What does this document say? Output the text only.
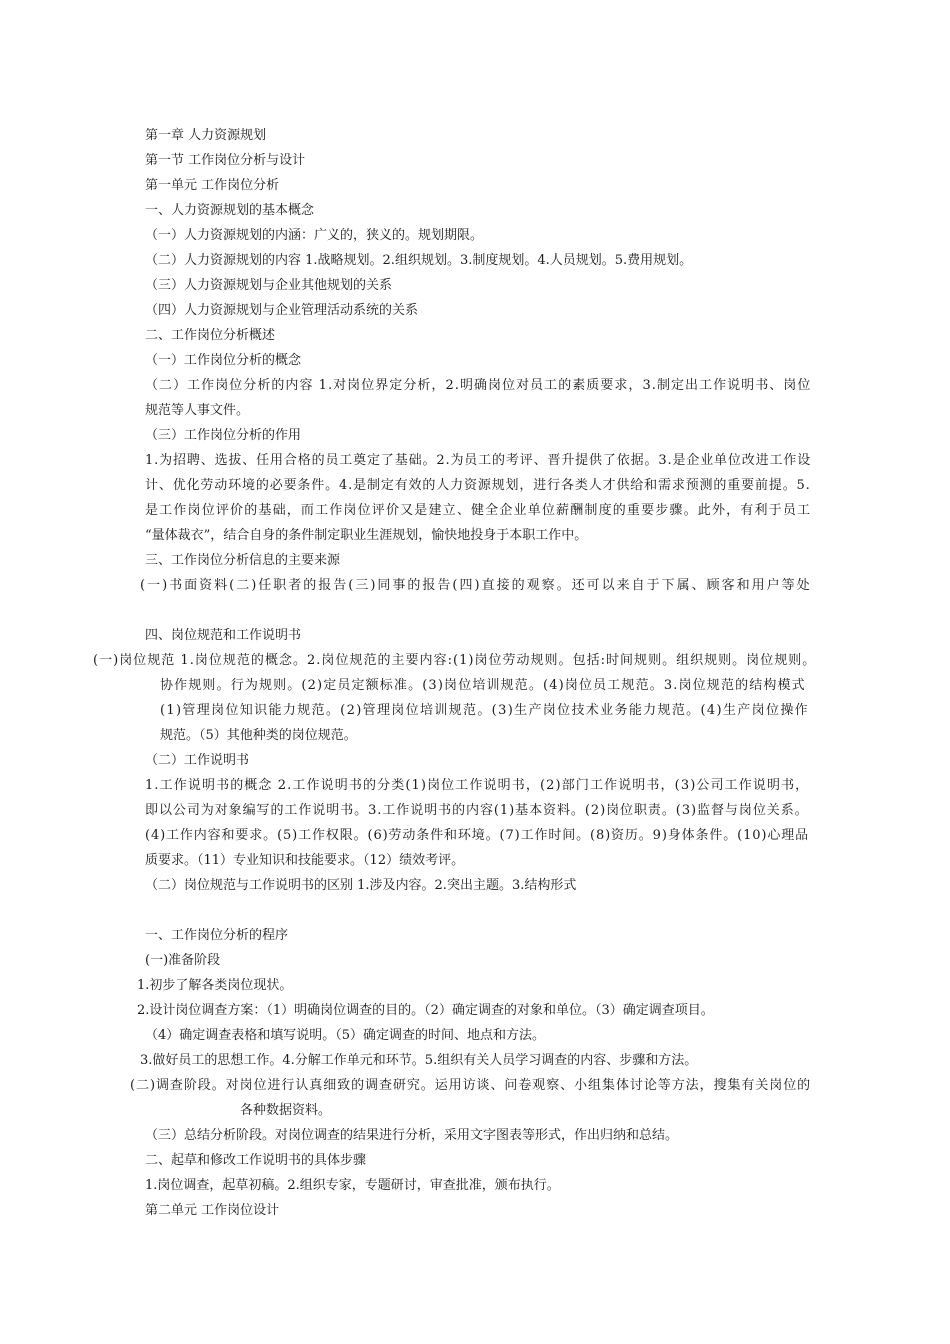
第一章 人力资源规划

第一节 工作岗位分析与设计

第一单元 工作岗位分析

一、人力资源规划的基本概念

（一）人力资源规划的内涵：广义的，狭义的。规划期限。

（二）人力资源规划的内容 1.战略规划。2.组织规划。3.制度规划。4.人员规划。5.费用规划。

（三）人力资源规划与企业其他规划的关系

（四）人力资源规划与企业管理活动系统的关系

二、工作岗位分析概述

（一）工作岗位分析的概念

（二）工作岗位分析的内容 1.对岗位界定分析，2.明确岗位对员工的素质要求，3.制定出工作说明书、岗位

规范等人事文件。

（三）工作岗位分析的作用

1.为招聘、选拔、任用合格的员工奠定了基础。2.为员工的考评、晋升提供了依据。3.是企业单位改进工作设

计、优化劳动环境的必要条件。4.是制定有效的人力资源规划，进行各类人才供给和需求预测的重要前提。5.

是工作岗位评价的基础，而工作岗位评价又是建立、健全企业单位薪酬制度的重要步骤。此外，有利于员工

“量体裁衣”，结合自身的条件制定职业生涯规划，愉快地投身于本职工作中。

三、工作岗位分析信息的主要来源

(一)书面资料(二)任职者的报告(三)同事的报告(四)直接的观察。还可以来自于下属、顾客和用户等处

四、岗位规范和工作说明书

(一)岗位规范 1.岗位规范的概念。2.岗位规范的主要内容:(1)岗位劳动规则。包括:时间规则。组织规则。岗位规则。

协作规则。行为规则。(2)定员定额标准。(3)岗位培训规范。(4)岗位员工规范。3.岗位规范的结构模式

(1)管理岗位知识能力规范。(2)管理岗位培训规范。(3)生产岗位技术业务能力规范。(4)生产岗位操作

规范。（5）其他种类的岗位规范。

（二）工作说明书

1.工作说明书的概念 2.工作说明书的分类(1)岗位工作说明书，(2)部门工作说明书，(3)公司工作说明书，

即以公司为对象编写的工作说明书。3.工作说明书的内容(1)基本资料。(2)岗位职责。(3)监督与岗位关系。

(4)工作内容和要求。(5)工作权限。(6)劳动条件和环境。(7)工作时间。(8)资历。9)身体条件。(10)心理品

质要求。（11）专业知识和技能要求。（12）绩效考评。

（二）岗位规范与工作说明书的区别 1.涉及内容。2.突出主题。3.结构形式

一、工作岗位分析的程序

(一)准备阶段

1.初步了解各类岗位现状。

2.设计岗位调查方案：（1）明确岗位调查的目的。（2）确定调查的对象和单位。（3）确定调查项目。

（4）确定调查表格和填写说明。（5）确定调查的时间、地点和方法。

3.做好员工的思想工作。4.分解工作单元和环节。5.组织有关人员学习调查的内容、步骤和方法。

(二)调查阶段。对岗位进行认真细致的调查研究。运用访谈、问卷观察、小组集体讨论等方法，搜集有关岗位的

各种数据资料。

（三）总结分析阶段。对岗位调查的结果进行分析，采用文字图表等形式，作出归纳和总结。

二、起草和修改工作说明书的具体步骤

1.岗位调查，起草初稿。2.组织专家，专题研讨，审查批准，颁布执行。

第二单元 工作岗位设计
